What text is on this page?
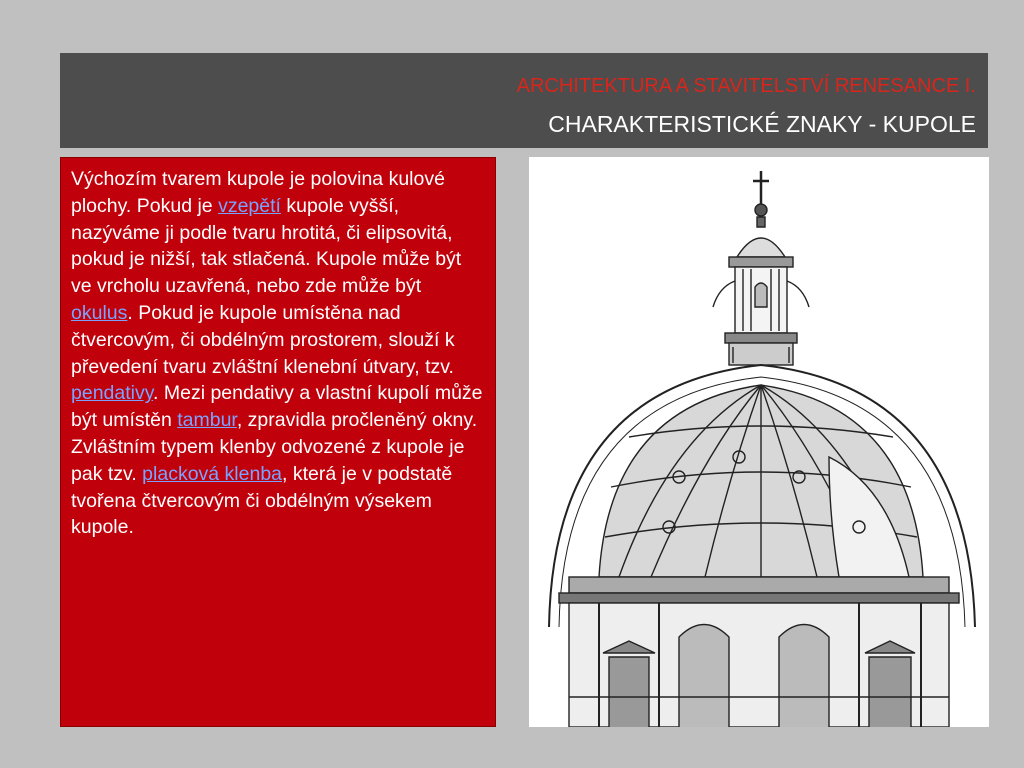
ARCHITEKTURA A STAVITELSTVÍ RENESANCE I.
CHARAKTERISTICKÉ ZNAKY - KUPOLE
Výchozím tvarem kupole je polovina kulové plochy. Pokud je vzepětí kupole vyšší, nazýváme ji podle tvaru hrotitá, či elipsovitá, pokud je nižší, tak stlačená. Kupole může být ve vrcholu uzavřená, nebo zde může být okulus. Pokud je kupole umístěna nad čtvercovým, či obdélným prostorem, slouží k převedení tvaru zvláštní klenební útvary, tzv. pendativy. Mezi pendativy a vlastní kupolí může být umístěn tambur, zpravidla pročleněný okny. Zvláštním typem klenby odvozené z kupole je pak tzv. placková klenba, která je v podstatě tvořena čtvercovým či obdélným výsekem kupole.
